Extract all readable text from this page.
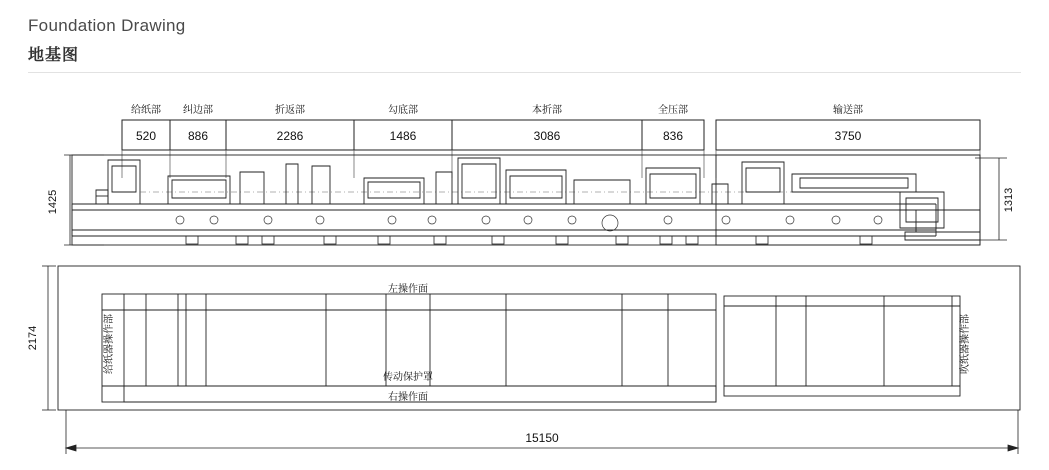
Foundation Drawing
地基图
给纸部 纠边部	折返部	勾底部	本折部	全压部	输送部
520	886	2286	1486	3086	836	3750
1425	1313
2174
左操作面
传动保护罩
右操作面
给纸器操作部	吹纸器操作部
15150
